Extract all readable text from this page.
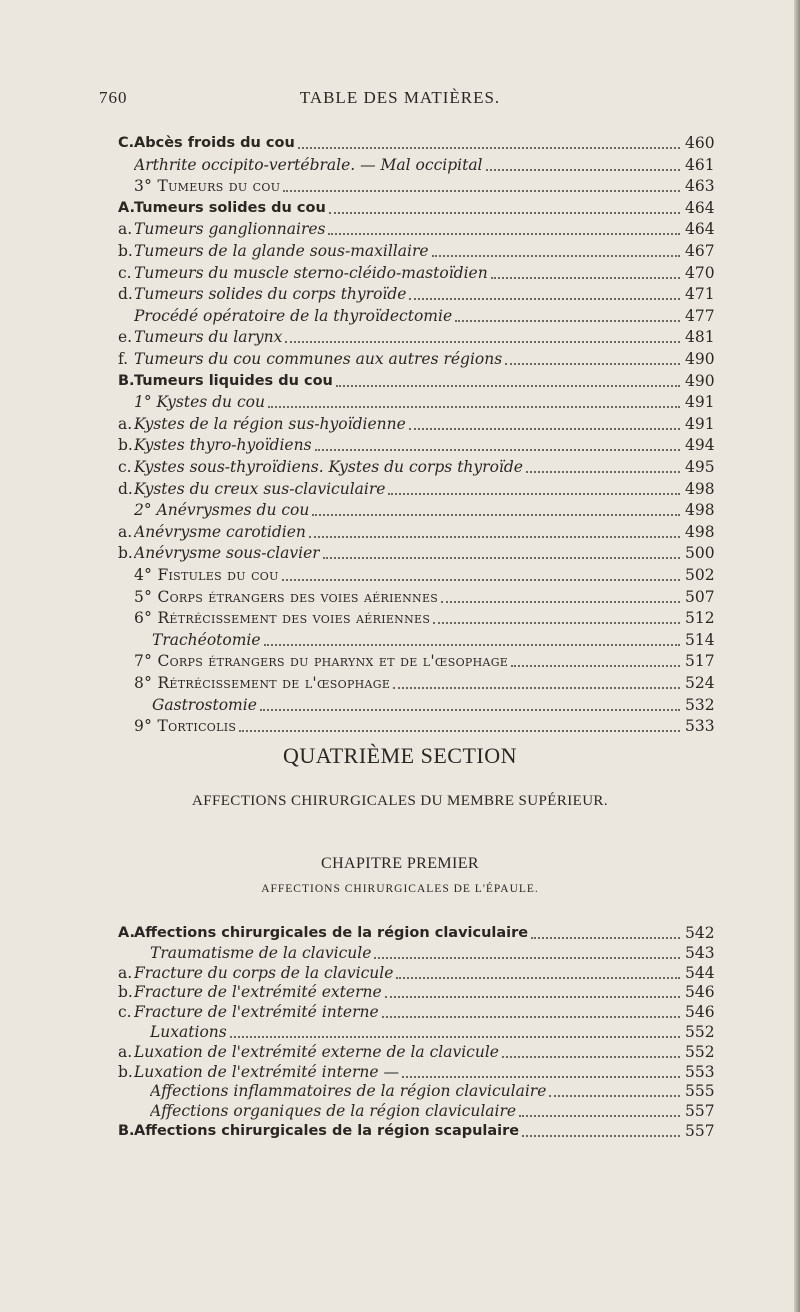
760	TABLE DES MATIÈRES.
C. Abcès froids du cou	460
Arthrite occipito-vertébrale. — Mal occipital	461
3° Tumeurs du cou	463
A. Tumeurs solides du cou	464
a. Tumeurs ganglionnaires	464
b. Tumeurs de la glande sous-maxillaire	467
c. Tumeurs du muscle sterno-cléido-mastoïdien	470
d. Tumeurs solides du corps thyroïde	471
Procédé opératoire de la thyroïdectomie	477
e. Tumeurs du larynx	481
f. Tumeurs du cou communes aux autres régions	490
B. Tumeurs liquides du cou	490
1° Kystes du cou	491
a. Kystes de la région sus-hyoïdienne	491
b. Kystes thyro-hyoïdiens	494
c. Kystes sous-thyroïdiens. Kystes du corps thyroïde	495
d. Kystes du creux sus-claviculaire	498
2° Anévrysmes du cou	498
a. Anévrysme carotidien	498
b. Anévrysme sous-clavier	500
4° Fistules du cou	502
5° Corps étrangers des voies aériennes	507
6° Rétrécissement des voies aériennes	512
Trachéotomie	514
7° Corps étrangers du pharynx et de l'œsophage	517
8° Rétrécissement de l'œsophage	524
Gastrostomie	532
9° Torticolis	533
QUATRIÈME SECTION
AFFECTIONS CHIRURGICALES DU MEMBRE SUPÉRIEUR.
CHAPITRE PREMIER
AFFECTIONS CHIRURGICALES DE L'ÉPAULE.
A. Affections chirurgicales de la région claviculaire	542
Traumatisme de la clavicule	543
a. Fracture du corps de la clavicule	544
b. Fracture de l'extrémité externe	546
c. Fracture de l'extrémité interne	546
Luxations	552
a. Luxation de l'extrémité externe de la clavicule	552
b. Luxation de l'extrémité interne —	553
Affections inflammatoires de la région claviculaire	555
Affections organiques de la région claviculaire	557
B. Affections chirurgicales de la région scapulaire	557
